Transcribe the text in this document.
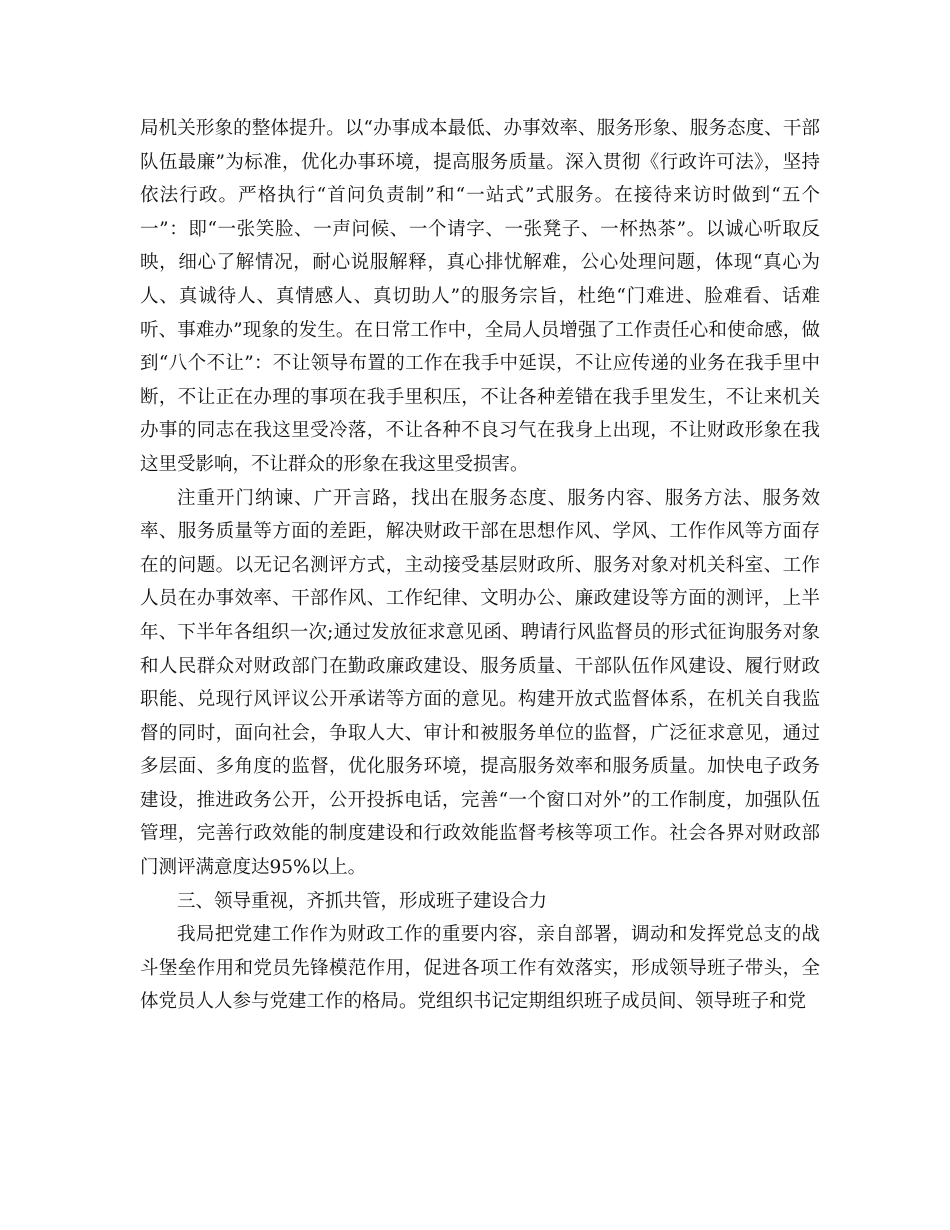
局机关形象的整体提升。以“办事成本最低、办事效率、服务形象、服务态度、干部队伍最廉”为标准，优化办事环境，提高服务质量。深入贯彻《行政许可法》，坚持依法行政。严格执行“首问负责制”和“一站式”式服务。在接待来访时做到“五个一”：即“一张笑脸、一声问候、一个请字、一张凳子、一杯热茶”。以诚心听取反映，细心了解情况，耐心说服解释，真心排忧解难，公心处理问题，体现“真心为人、真诚待人、真情感人、真切助人”的服务宗旨，杜绝“门难进、脸难看、话难听、事难办”现象的发生。在日常工作中，全局人员增强了工作责任心和使命感，做到“八个不让”：不让领导布置的工作在我手中延误，不让应传递的业务在我手里中断，不让正在办理的事项在我手里积压，不让各种差错在我手里发生，不让来机关办事的同志在我这里受冷落，不让各种不良习气在我身上出现，不让财政形象在我这里受影响，不让群众的形象在我这里受损害。

注重开门纳谏、广开言路，找出在服务态度、服务内容、服务方法、服务效率、服务质量等方面的差距，解决财政干部在思想作风、学风、工作作风等方面存在的问题。以无记名测评方式，主动接受基层财政所、服务对象对机关科室、工作人员在办事效率、干部作风、工作纪律、文明办公、廉政建设等方面的测评，上半年、下半年各组织一次;通过发放征求意见函、聘请行风监督员的形式征询服务对象和人民群众对财政部门在勤政廉政建设、服务质量、干部队伍作风建设、履行财政职能、兑现行风评议公开承诺等方面的意见。构建开放式监督体系，在机关自我监督的同时，面向社会，争取人大、审计和被服务单位的监督，广泛征求意见，通过多层面、多角度的监督，优化服务环境，提高服务效率和服务质量。加快电子政务建设，推进政务公开，公开投拆电话，完善“一个窗口对外”的工作制度，加强队伍管理，完善行政效能的制度建设和行政效能监督考核等项工作。社会各界对财政部门测评满意度达95%以上。

三、领导重视，齐抓共管，形成班子建设合力

我局把党建工作作为财政工作的重要内容，亲自部署，调动和发挥党总支的战斗堡垒作用和党员先锋模范作用，促进各项工作有效落实，形成领导班子带头，全体党员人人参与党建工作的格局。党组织书记定期组织班子成员间、领导班子和党
